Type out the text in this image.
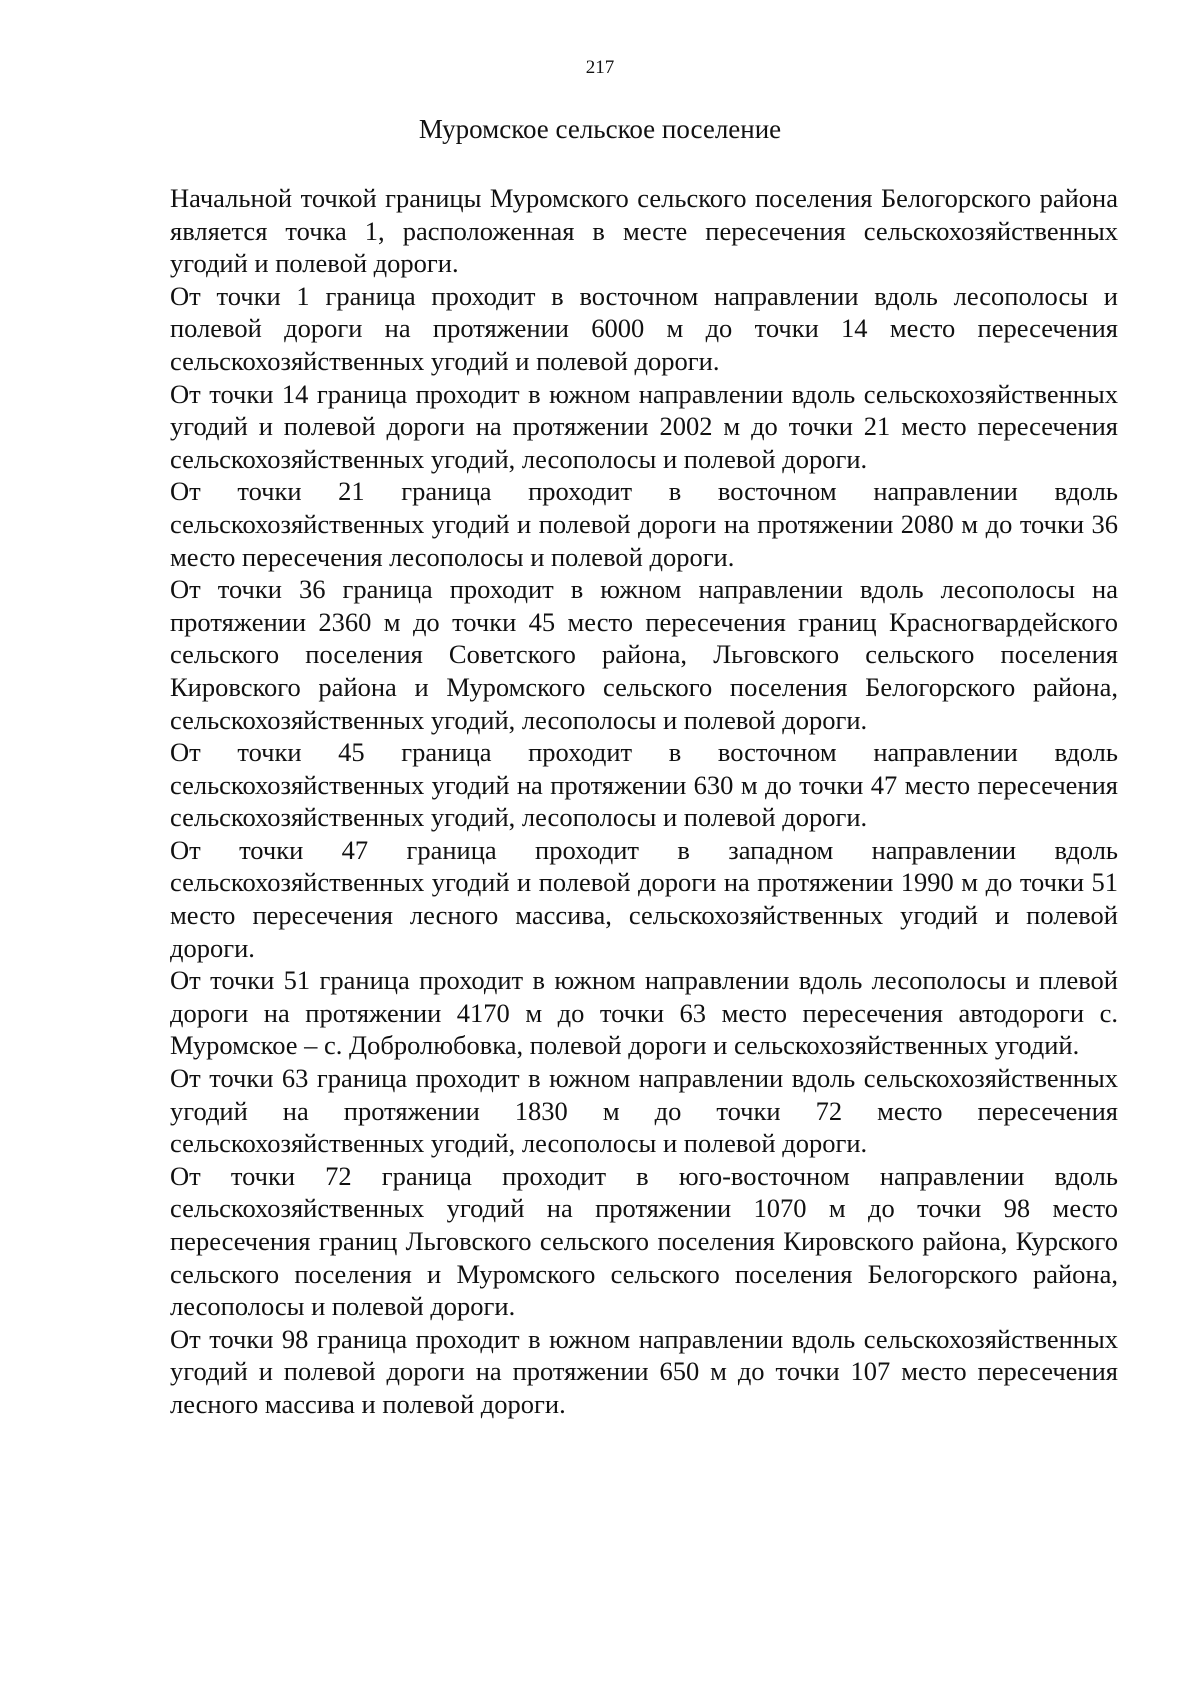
217
Муромское сельское поселение

Начальной точкой границы Муромского сельского поселения Белогорского района является точка 1, расположенная в месте пересечения сельскохозяйственных угодий и полевой дороги.

От точки 1 граница проходит в восточном направлении вдоль лесополосы и полевой дороги на протяжении 6000 м до точки 14 место пересечения сельскохозяйственных угодий и полевой дороги.

От точки 14 граница проходит в южном направлении вдоль сельскохозяйственных угодий и полевой дороги на протяжении 2002 м до точки 21 место пересечения сельскохозяйственных угодий, лесополосы и полевой дороги.

От точки 21 граница проходит в восточном направлении вдоль сельскохозяйственных угодий и полевой дороги на протяжении 2080 м до точки 36 место пересечения лесополосы и полевой дороги.

От точки 36 граница проходит в южном направлении вдоль лесополосы на протяжении 2360 м до точки 45 место пересечения границ Красногвардейского сельского поселения Советского района, Льговского сельского поселения Кировского района и Муромского сельского поселения Белогорского района, сельскохозяйственных угодий, лесополосы и полевой дороги.

От точки 45 граница проходит в восточном направлении вдоль сельскохозяйственных угодий на протяжении 630 м до точки 47 место пересечения сельскохозяйственных угодий, лесополосы и полевой дороги.

От точки 47 граница проходит в западном направлении вдоль сельскохозяйственных угодий и полевой дороги на протяжении 1990 м до точки 51 место пересечения лесного массива, сельскохозяйственных угодий и полевой дороги.

От точки 51 граница проходит в южном направлении вдоль лесополосы и плевой дороги на протяжении 4170 м до точки 63 место пересечения автодороги с. Муромское – с. Добролюбовка, полевой дороги и сельскохозяйственных угодий.

От точки 63 граница проходит в южном направлении вдоль сельскохозяйственных угодий на протяжении 1830 м до точки 72 место пересечения сельскохозяйственных угодий, лесополосы и полевой дороги.

От точки 72 граница проходит в юго-восточном направлении вдоль сельскохозяйственных угодий на протяжении 1070 м до точки 98 место пересечения границ Льговского сельского поселения Кировского района, Курского сельского поселения и Муромского сельского поселения Белогорского района, лесополосы и полевой дороги.

От точки 98 граница проходит в южном направлении вдоль сельскохозяйственных угодий и полевой дороги на протяжении 650 м до точки 107 место пересечения лесного массива и полевой дороги.
